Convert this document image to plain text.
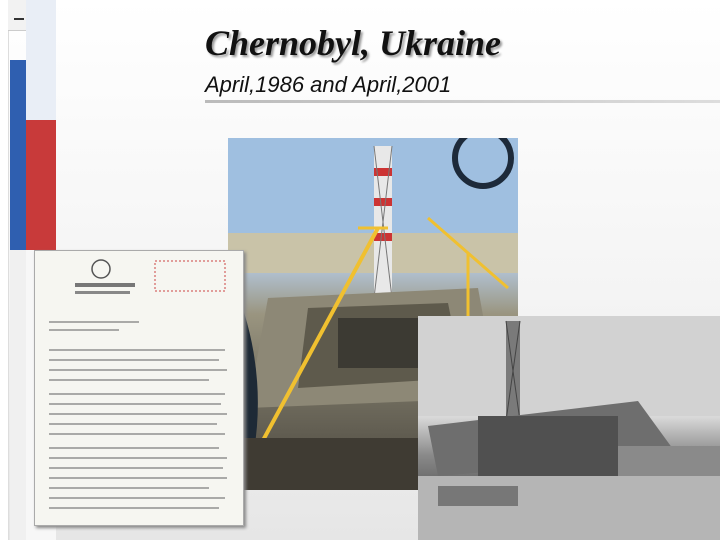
Chernobyl, Ukraine

April,1986 and April,2001
